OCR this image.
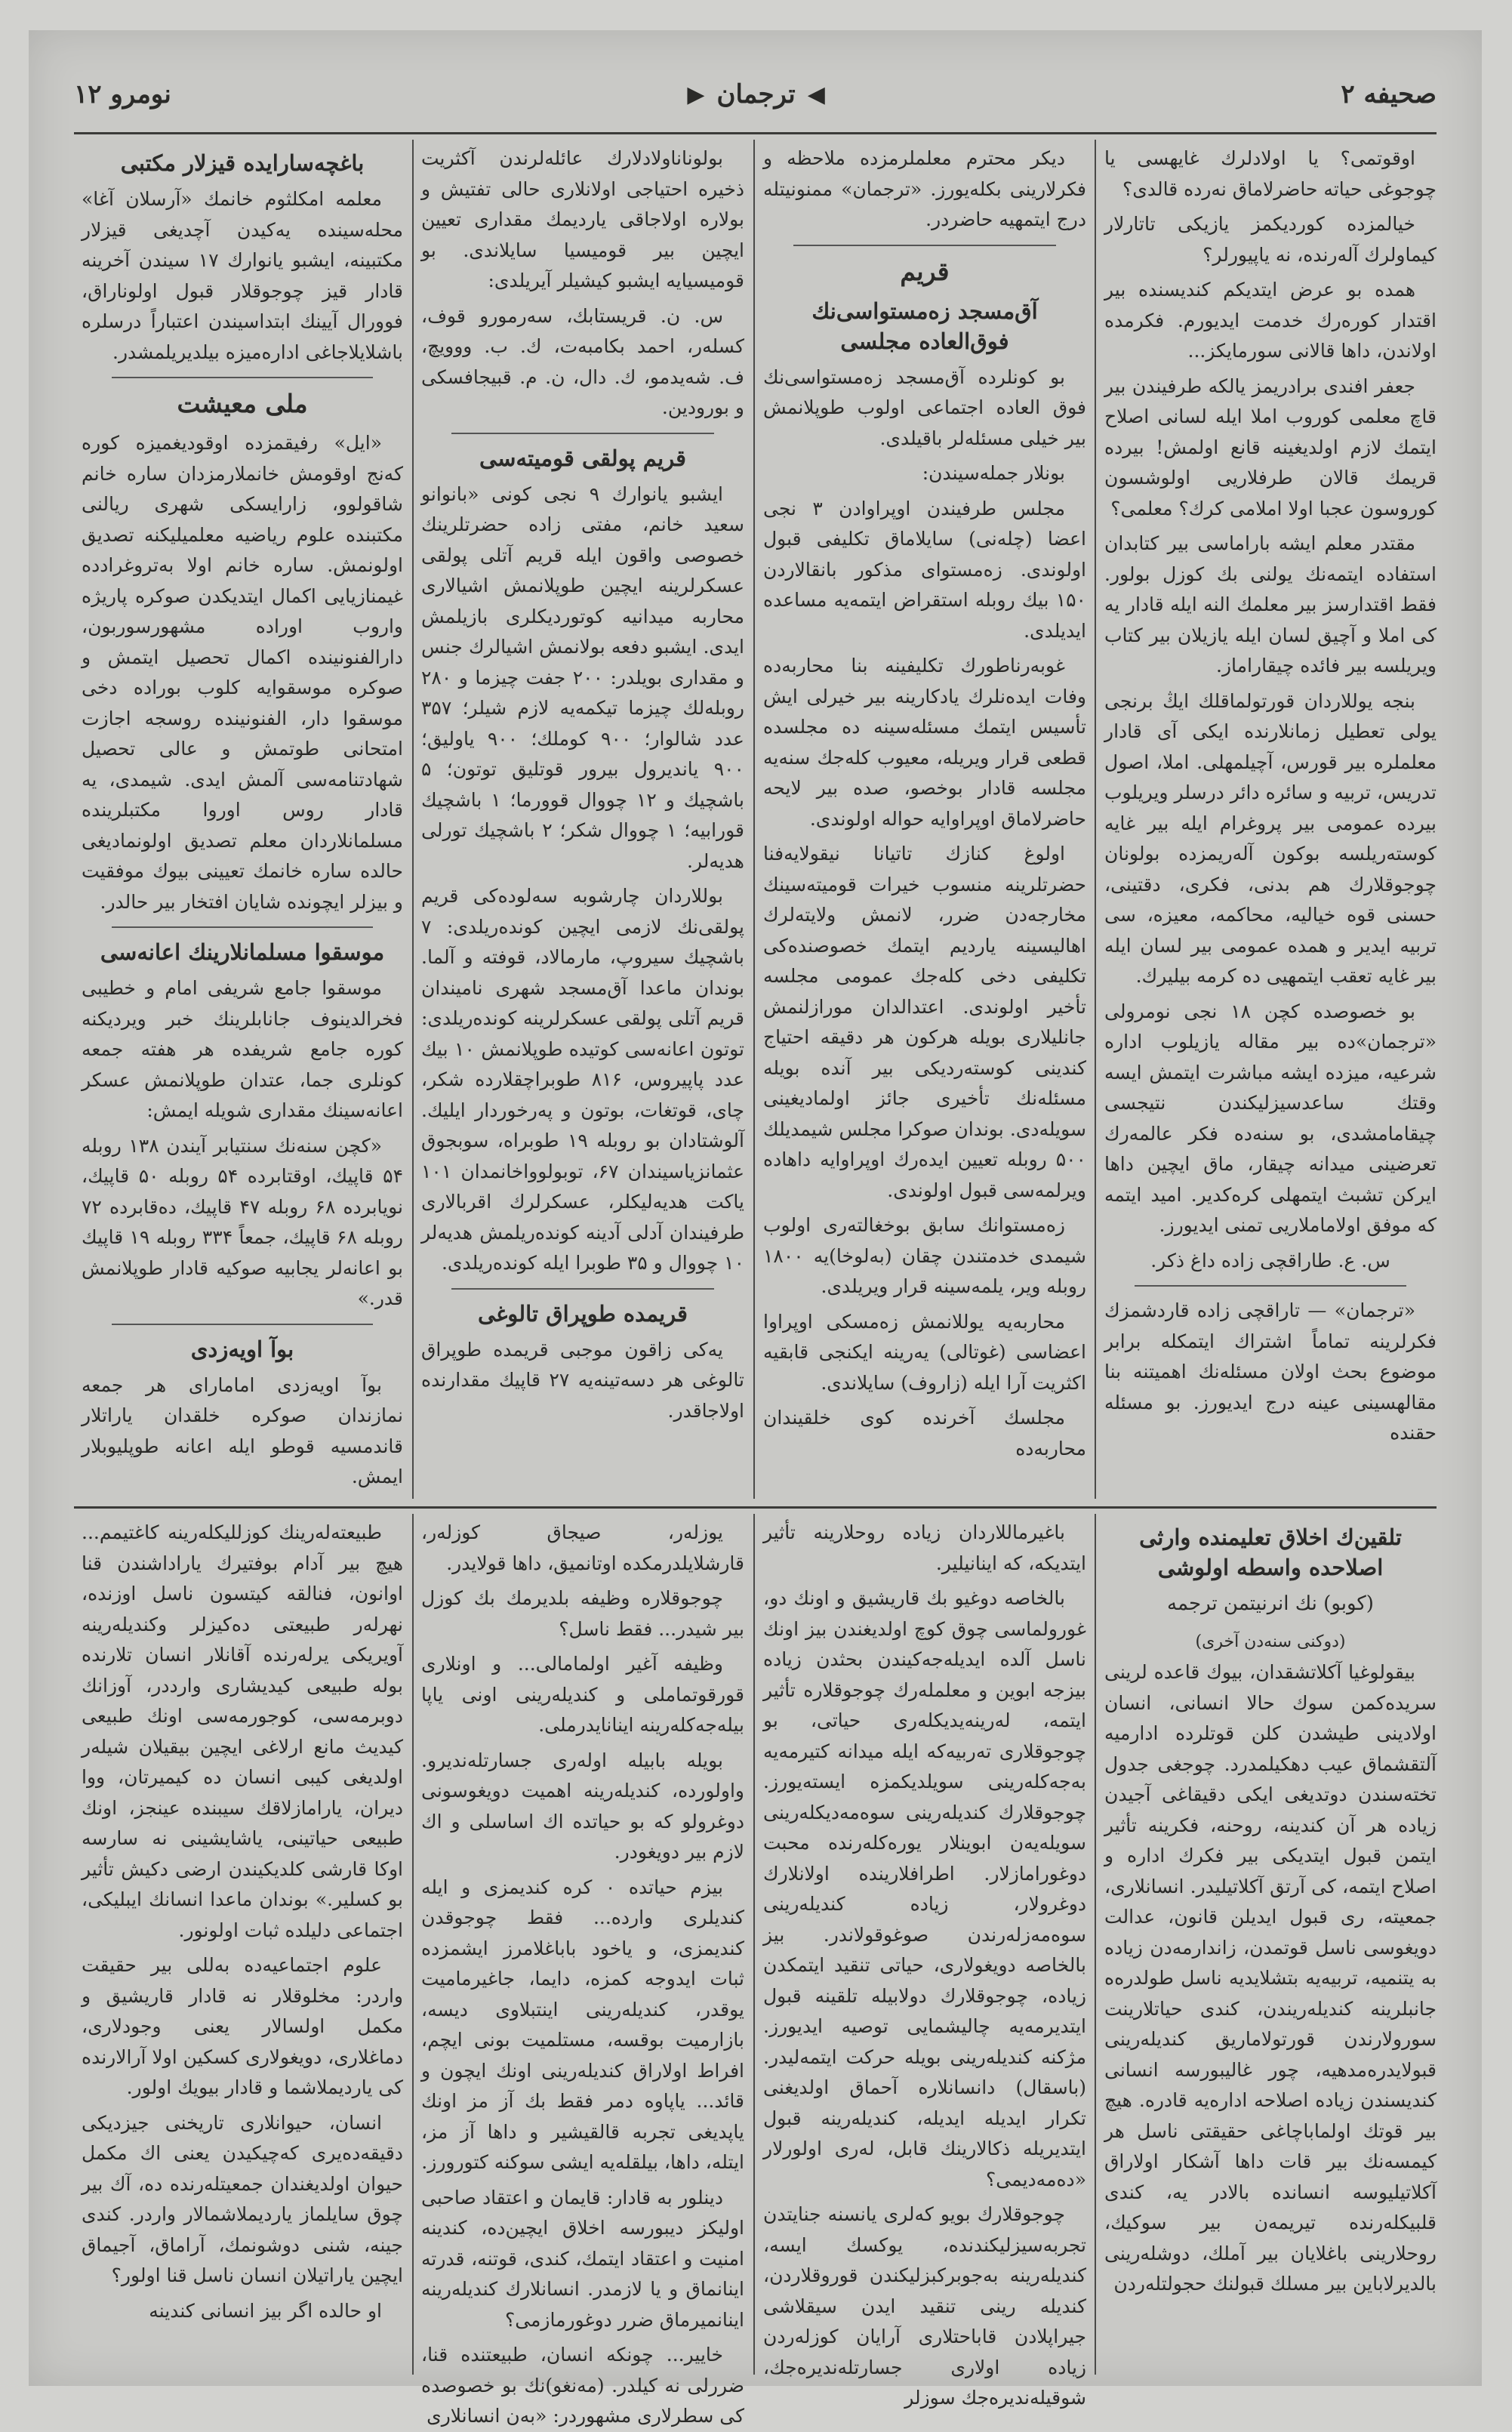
صحیفه ۲
◀
ترجمان
▶
نومرو ۱۲

اوقوتمی؟ یا اولادلرك غایهسی یا چوجوغی حیاته حاضرلاماق نەردە قالدی؟

خیالمزدە كوردیكمز یازیكی تاتارلار كیماولرك آلەرندە، نه یاپیورلر؟

همده بو عرض ایتدیكم كندیسندە بیر اقتدار كوره‌رك خدمت ایدیورم. فكرمدە اولاندن، داها قالانی سورمایكز...

جعفر افندی برادریمز یالکه طرفیندن بیر قاچ معلمی كوروب املا ایله لسانی اصلاح ایتمك لازم اولدیغینه قانع اولمش! بیرده قریمك قالان طرفلاریی اولوشسون كوروسون عجبا اولا املامی كرك؟ معلمی؟

مقتدر معلم ایشه باراماسی بیر كتابدان استفاده ایتمه‌نك یولنی بك كوزل بولور. فقط اقتدارسز بیر معلمك النه ایله قادار یه كی املا و آچیق لسان ایله یازیلان بیر كتاب ویریلسه بیر فائدە چیقاراماز.

بنجه یوللاردان قورتولماقلك ایڭ برنجی یولی تعطیل زمانلارنده ایكی آی قادار معلملره بیر قورس، آچیلمهلی. املا، اصول تدریس، تربیه و سائره دائر درسلر ویریلوب بیرده عمومی بیر پروغرام ایله بیر غایه كوستەریلسه بوكون آلەریمزده بولونان چوجوقلارك هم بدنی، فكری، دقتینی، حسنی قوه خیالیه، محاكمه، معیزه، سی تربیه ایدیر و همده عمومی بیر لسان ایله بیر غایه تعقب ایتمهیی ده كرمه بیلیرك.

بو خصوصده كچن ۱۸ نجی نومرولی «ترجمان»ده بیر مقاله یازیلوب اداره شرعیه، میزده ایشه مباشرت ایتمش ایسه وقتك ساعدسیزلیكندن نتیجسی چیقامامشدی، بو سنەده فکر عالمەرك تعرضینی میدانه چیقار، ماق ایچین داها ایرکن تشبث ایتمهلی كرەكدیر. امید ایتمه كه موفق اولاماملاریی تمنی ایدیورز.

س. ع. طاراقچی زاده داغ ذكر.

«ترجمان» — تاراقچی زاده قاردشمزك فكرلرینه تماماً اشتراك ایتمكله برابر موضوع بحث اولان مسئلەنك اهمیتنه بنا مقالهسینی عینه درج ایدیورز. بو مسئله حقنده

دیكر محترم معلملرمزدە ملاحظه و فكرلارینی بكلەیورز. «ترجمان» ممنونیتله درج ایتمهیه حاضردر.

قریم
آق‌مسجد زەمستواسی‌نك فوق‌العاده مجلسی

بو كونلردە آق‌مسجد زەمستواسی‌نك فوق العاده اجتماعی اولوب طوپلانمش بیر خیلی مسئلەلر باقیلدی.

بونلار جمله‌سیندن:

مجلس طرفیندن اوپراوادن ۳ نجی اعضا (چلەنی) سایلاماق تكلیفی قبول اولوندی. زەمستوای مذكور بانقالاردن ۱۵۰ بيك روبله استقراض ایتمه‌یه مساعده ایدیلدی.

غوبەرناطورك تكلیفینه بنا محاربه‌ده وفات ایدەنلرك یادكارینه بیر خیرلی ایش تأسیس ایتمك مسئله‌سینه ده مجلسده قطعی قرار ویریله، معیوب كله‌جك سنه‌یه مجلسه قادار بوخصو، صده بیر لایحه حاضرلاماق اوپراوایه حواله اولوندی.

اولوغ كنازك تاتیانا نیقولایەفنا حضرتلرینه منسوب خیرات قومیتەسینك مخارجەدن ضرر، لانمش ولایتەلرك اهالیسینه یاردیم ایتمك خصوصنده‌كی تكلیفی دخی كله‌جك عمومی مجلسه تأخیر اولوندی. اعتدالدان مورازلنمش جانلیلاری بویله هركون هر دقیقه احتیاج كندینی كوستەردیكی بیر آنده بویله مسئله‌نك تأخیری جائز اولمادیغینی سویلەدی. بوندان صوكرا مجلس شیمدیلك ۵۰۰ روبله تعیین ایدەرك اوپراوایه داهاده ویرلمەسی قبول اولوندی.

زەمستوانك سابق بوخغالتەری اولوب شیمدی خدمتندن چقان (بەلوخا)یه ۱۸۰۰ روبله ویر، یلمەسینه قرار ویریلدی.

محاربه‌یه یوللانمش زەمسكی اوپراوا اعضاسی (غوتالی) یەرینه ایكنجی قابقیه اكثریت آرا ایله (زاروف) سایلاندی.

مجلسك آخرنده كوی خلقیندان محاربه‌ده

بولوناناولادلارك عائلەلرندن آكثریت ذخیره احتیاجی اولانلاری حالی تفتیش و بولارە اولاجاقی یاردیمك مقداری تعیین ایچین بیر قومیسیا سایلاندی. بو قومیسیایه ایشبو كیشیلر آیریلدی:

س. ن. قریستابك، سەرمورو قوف، كسلەر، احمد بكامبەت، ك. ب. ووویچ، ف. شەیدمو، ك. دال، ن. م. قبیجافسكی و بورودین.

قریم پولقی قومیته‌سی

ایشبو یانوارك ۹ نجی كونی «بانوانو سعید خانم، مفتی زاده حضرتلرینك خصوصی واقون ایله قریم آتلی پولقی عسكرلرینه ایچین طوپلانمش اشیالاری محاربه میدانیه كوتوردیكلری بازیلمش ایدی. ایشبو دفعه بولانمش اشیالرك جنس و مقداری بویلدر: ۲۰۰ جفت چیزما و ۲۸۰ روبله‌لك چیزما تیكمه‌یه لازم شیلر؛ ۳۵۷ عدد شالوار؛ ۹۰۰ كوملك؛ ۹۰۰ یاولیق؛ ۹۰۰ یاندیرول بیرور قوتلیق توتون؛ ۵ باشچیك و ۱۲ چووال قوورما؛ ۱ باشچیك قورابیه؛ ۱ چووال شكر؛ ۲ باشچیك تورلی هدیه‌لر.

بوللاردان چارشوبه سه‌لوده‌كی قریم پولقی‌نك لازمی ایچین كوندەریلدی: ۷ باشچیك سیروپ، مارمالاد، قوفته و آلما. بوندان ماعدا آق‌مسجد شهری نامیندان قریم آتلی پولقی عسكرلرینه كوندەریلدی: توتون اعانه‌سی كوتیده طوپلانمش ۱۰ بيك عدد پاپیروس، ۸۱۶ طوبراچقلارده شكر، چای، قوتغات، بوتون و پەرخوردار ایلیك. آلوشتادان بو روبله ۱۹ طوبراه، سوبجوق عثمانزیاسیندان ۶۷، توبولوواخانمدان ۱۰۱ یاكت هدیه‌لیكلر، عسكرلرك اقربالاری طرفیندان آدلی آدینه كوندەریلمش هدیه‌لر ۱۰ چووال و ۳۵ طوبرا ایله كوندەریلدی.

قریمده طوپراق تالوغی

یەكی زاقون موجبی قریمده طوپراق تالوغی هر دسەتینه‌یه ۲۷ قاپیك مقدارنده اولاجاقدر.

باغچه‌سارایده قیزلار مكتبی

معلمه امكلثوم خانمك «آرسلان آغا» محله‌سینده یەكیدن آچدیغی قیزلار مكتبینه، ایشبو یانوارك ۱۷ سیندن آخرینه قادار قیز چوجوقلار قبول اولوناراق، فوورال آیینك ابتداسیندن اعتباراً درسلرە باشلایلاجاغی ادارەمیزە بیلدیریلمشدر.

ملی معیشت

«ایل» رفیقمزده اوقودیغمیزه كوره كەنج اوقومش خانملارمزدان ساره خانم شاقولوو، زارایسكی شهری ریالنی مكتبنده علوم ریاضیه معلمیلیکنه تصدیق اولونمش. ساره خانم اولا بەتروغرادده غیمنازیایی اكمال ایتدیكدن صوكره پاریژه واروب اوراده مشهورسوربون، دارالفنونینده اكمال تحصیل ایتمش و صوكره موسقوایه كلوب بوراده دخی موسقوا دار، الفنونینده روسجه اجازت امتحانی طوتمش و عالی تحصیل شهادتنامەسی آلمش ایدی. شیمدی، یه قادار روس اوروا مكتبلرینده مسلمانلاردان معلم تصدیق اولونمادیغی حالده ساره خانمك تعیینی بیوك موفقیت و بیزلر ایچونده شایان افتخار بیر حالدر.

موسقوا مسلمانلارینك اعانه‌سی

موسقوا جامع شریفی امام و خطیبی فخرالدینوف جانابلرینك خبر ویردیكنه كوره جامع شریفده هر هفته جمعه كونلری جما، عتدان طوپلانمش عسكر اعانه‌سینك مقداری شویله ایمش:

«كچن سنه‌نك سنتیابر آیندن ۱۳۸ روبله ۵۴ قاپیك، اوقتابرده ۵۴ روبله ۵۰ قاپیك، نویابرده ۶۸ روبله ۴۷ قاپیك، دەقابرده ۷۲ روبله ۶۸ قاپیك، جمعاً ۳۳۴ روبله ۱۹ قاپیك بو اعانه‌لر یجابیه صوكیه قادار طوپلانمش قدر.»

بوآ اویەزدی

بوآ اویەزدی امامارای هر جمعه نمازندان صوكره خلقدان یاراتلار قاندمسیه قوطو ایله اعانه طوپلیوبلار ایمش.

تلقین‌ك اخلاق تعلیمنده وارثی اصلاحده واسطه اولوشی
(كوبو) نك انرنیتمن ترجمه
(دوكنی سنه‌دن آخری)

بیقولوغیا آكلاتشقدان، بیوك قاعده لرینی سریدەكمن سوك حالا انسانی، انسان اولادینی طیشدن كلن قوتلرده ادارمیه آلتقشماق عیب دهكیلمدرد. چوجغی جدول تخته‌سندن دوتدیغی ایكی دقیقاغی آجیدن زیاده هر آن كندینه، روحنه، فكرینه تأثیر ایتمن قبول ایتدیكی بیر فكرك اداره و اصلاح ایتمه، كی آرتق آكلاتیلیدر. انسانلاری، جمعیته، ری قبول ایدیلن قانون، عدالت دویغوسی ناسل قوتمدن، زاندارمەدن زیاده به یتنمیه، تربیه‌یه بتشلایدیه ناسل طولدرەه جانبلرینه كندیلەریندن، كندی حیاتلارینت سورولارندن قورتولاماریق كندیلەرینی قبولایدرەمدهیه، چور غالیبورسه انسانی كندیسندن زیاده اصلاحه ادارەیه قادره. هیچ بیر قوتك اولماباچاغی حقیقتی ناسل هر كیمسه‌نك بیر قات داها آشكار اولاراق آكلاتیلیوسه انسانده بالادر یه، كندی قلبیكلەرنده تیریمەن بیر سوكیك، روحلارینی باغلایان بیر آملك، دوشلەرینی بالدیرلاباین بیر مسلك قبولنك حجولتلەردن

باغیرماللاردان زیاده روحلارینه تأثیر ایتدیكه، كه اینانیلیر.

بالخاصه دوغیو بك قاریشیق و اونك دو، غورولماسی چوق كوچ اولدیغندن بیز اونك ناسل آلده ایدیلەجه‌كیندن بحثدن زیاده بیزجه ابوین و معلملەرك چوجوقلاره تأثیر ایتمه، لەرینه‌یدیكلەری حیاتی، بو چوجوقلاری تەربیه‌كه ایله میدانه كتیرمه‌یه بەجه‌كلەرینی سویلدیكمزه ایستەیورز. چوجوقلارك كندیلەرینی سوەمه‌دیكلەرینی سویله‌یه‌ن ابوینلار یوره‌كلەرنده محبت دوغورامازلار. اطرافلاریندە اولانلارك دوغرولار، زیاده كندیلەرینی سوەمه‌زلەرندن صوغوقولاندر. بیز بالخاصه دویغولاری، حیاتی تنقید ایتمكدن زیاده، چوجوقلارك دولابیله تلقینه قبول ایتدیرمه‌یه چالیشمایی توصیه ایدیورز. مژكنه كندیلەرینی بویله حركت ایتمه‌لیدر. (باسقال) دانسانلاره آحماق اولدیغنی تكرار ایدیله ایدیله، كندیلەرینه قبول ایتدیریله ذكالارینك قابل، لەری اولورلار «دەمەدیمی؟

چوجوقلارك بویو كه‌لری یانسنه جنایتدن تجربەسیزلیكندنده، یوكسك ایسه، كندیلەرینه بەجوبركبزلیكندن قوروقلاردن، كندیله رینی تنقید ایدن سیقلاشی جیراپلادن قاباحتلاری آرایان كوزلەردن زیاده اولاری جسارتلەندیرەجك، شوقیلەندیرەجك سوزلر

یوزلەر، صیجاق كوزلەر، قارشلایلدرمكده اوتانمیق، داها قولایدر.

چوجوقلاره وظیفه بلدیرمك بك كوزل بیر شیدر... فقط ناسل؟

وظیفه آغیر اولمامالی... و اونلاری قورقوتماملی و كندیلەرینی اونی یاپا بیله‌جه‌كلەرینه اینانایدرملی.

بویله بابیله اولەری جسارتلەندیرو. واولورده، كندیلەرینه اهمیت دویغوسونی دوغرولو كه بو حیاتده اك اساسلی و اك لازم بیر دویغودر.

بیزم حیاتده ۰ كره كندیمزی و ایله كندیلری وارده... فقط چوجوقدن كندیمزی، و یاخود باباغلامرز ایشمزده ثبات ایدوجه كمزه، دایما، جاغیرمامیت یوقدر، كندیلەرینی اینتبلاوی دیسه، بازارمیت بوقسه، مستلمیت بونی ایچم، افراط اولاراق كندیلەرینی اونك ایچون و قائد... یاپاوه دمر فقط بك آز مز اونك یاپدیغی تجربه قالقیشیر و داها آز مز، ایتله، داها، بیلقله‌یه ایشی سوكنه كتورورز.

دینلور به قادار: قایمان و اعتقاد صاحبی اولیكز دیبورسه اخلاق ایچین‌ده، كندینه امنیت و اعتقاد ایتمك، كندی، قوتنه، قدرته اینانماق و یا لازمدر. انسانلارك كندیلەرینه اینانمیرماق ضرر دوغورمازمی؟

خاییر... چونكه انسان، طبیعتنده قنا، ضررلی نه كیلدر. (مەنغو)نك بو خصوصده كی سطرلاری مشهوردر: «بەن انسانلاری

طبیعته‌لەرینك كوزللیكله‌رینه كاغتیمم... هیچ بیر آدام بوفتیرك یاراداشندن قنا اوانون، فنالقه كیتسون ناسل اوزنده، نهرلەر طبیعتی دەكیزلر وكنديلەرینه آویریكی یرلەرنده آقانلار انسان تلارنده بوله طبیعی كیدیشاری وارددر، آوزانك دوبرمه‌سی، كوجورمه‌سی اونك طبیعی كیدیث مانع ارلاغی ایچین بیقیلان شیلەر اولدیغی كیبی انسان ده كیمیرتان، ووا دیران، یارامازلاقك سیبنده عینجز، اونك طبیعی حیاتینی، یاشایشینی نه سارسه اوكا قارشی كلدیكیندن ارضی دكیش تأثیر بو كسلیر.» بوندان ماعدا انسانك ایبلیكی، اجتماعی دلیلده ثبات اولونور.

علوم اجتماعیه‌ده بەللی بیر حقیقت واردر: مخلوقلار نه قادار قاریشیق و مكمل اولسالار یعنی وجودلاری، دماغلاری، دویغولاری كسكین اولا آرالارندە كی یاردیملاشما و قادار بیویك اولور.

انسان، حیوانلاری تاریخنی جیزدیكی دقیقه‌ده‌یری كه‌چیكیدن یعنی اك مكمل حیوان اولدیغندان جمعیتلەرنده ده، آك بیر چوق سایلماز یاردیملاشمالار واردر. كندی جینه، شنی دوشونمك، آراماق، آجیماق ایچین یاراتیلان انسان ناسل قنا اولور؟

او حالده اگر بیز انسانی كندینه
